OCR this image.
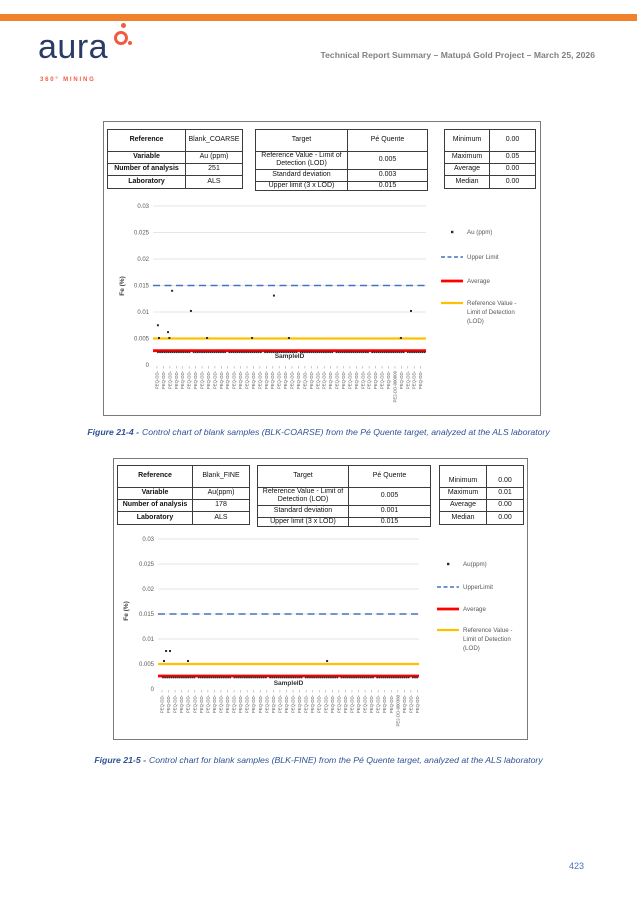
aura
360° MINING
Technical Report Summary – Matupá Gold Project – March 25, 2026
Reference	Blank_COARSE
Variable	Au (ppm)
Number of analysis	251
Laboratory	ALS
Target	Pé Quente
Reference Value - Limit of Detection (LOD)	0.005
Standard deviation	0.003
Upper limit (3 x LOD)	0.015
Minimum	0.00
Maximum	0.05
Average	0.00
Median	0.00
0
0.005
0.01
0.015
0.02
0.025
0.03
Fe (%)
SampleID
PEQ-DD- PEQ-DD- PEQ-DD- PEQ-DD- PEQ-DD- PEQ-DD- PEQ-DD- PEQ-DD- PEQ-DD- PEQ-DD- PEQ-DD- PEQ-DD- PEQ-DD- PEQ-DD- PEQ-DD- PEQ-DD- PEQ-DD- PEQ-DD- PEQ-DD- PEQ-DD- PEQ-DD- PEQ-DD- PEQ-DD- PEQ-DD- PEQ-DD- PEQ-DD- PEQ-DD- PEQ-DD- PEQ-DD- PEQ-DD- PEQ-DD- PEQ-DD- PEQ-DD- PEQ-DD- PEQ-DD- PEQ-DD- PEQ-DD- PE2-DD-000009 PEQ-DD- PEQ-DD- PEQ-DD- PEQ-DD-
Au (ppm)
Upper Limit
Average
Reference Value -
Limit of Detection
(LOD)
Figure 21-4 - Control chart of blank samples (BLK-COARSE) from the Pé Quente target, analyzed at the ALS laboratory
Reference	Blank_FINE
Variable	Au(ppm)
Number of analysis	178
Laboratory	ALS
Target	Pé Quente
Reference Value - Limit of Detection (LOD)	0.005
Standard deviation	0.001
Upper limit (3 x LOD)	0.015
Minimum	0.00
Maximum	0.01
Average	0.00
Median	0.00
0
0.005
0.01
0.015
0.02
0.025
0.03
Fe (%)
SampleID
PEQ-DD- PEQ-DD- PEQ-DD- PEQ-DD- PEQ-DD- PEQ-DD- PEQ-DD- PEQ-DD- PEQ-DD- PEQ-DD- PEQ-DD- PEQ-DD- PEQ-DD- PEQ-DD- PEQ-DD- PEQ-DD- PEQ-DD- PEQ-DD- PEQ-DD- PEQ-DD- PEQ-DD- PEQ-DD- PEQ-DD- PEQ-DD- PEQ-DD- PEQ-DD- PEQ-DD- PEQ-DD- PEQ-DD- PEQ-DD- PEQ-DD- PEQ-DD- PEQ-DD- PEQ-DD- PEQ-DD- PEQ-DD- PE2-DD-000380 PEQ-DD- PEQ-DD- PEQ-DD-
Au(ppm)
UpperLimit
Average
Reference Value -
Limit of Detection
(LOD)
Figure 21-5 - Control chart for blank samples (BLK-FINE) from the Pé Quente target, analyzed at the ALS laboratory
423
